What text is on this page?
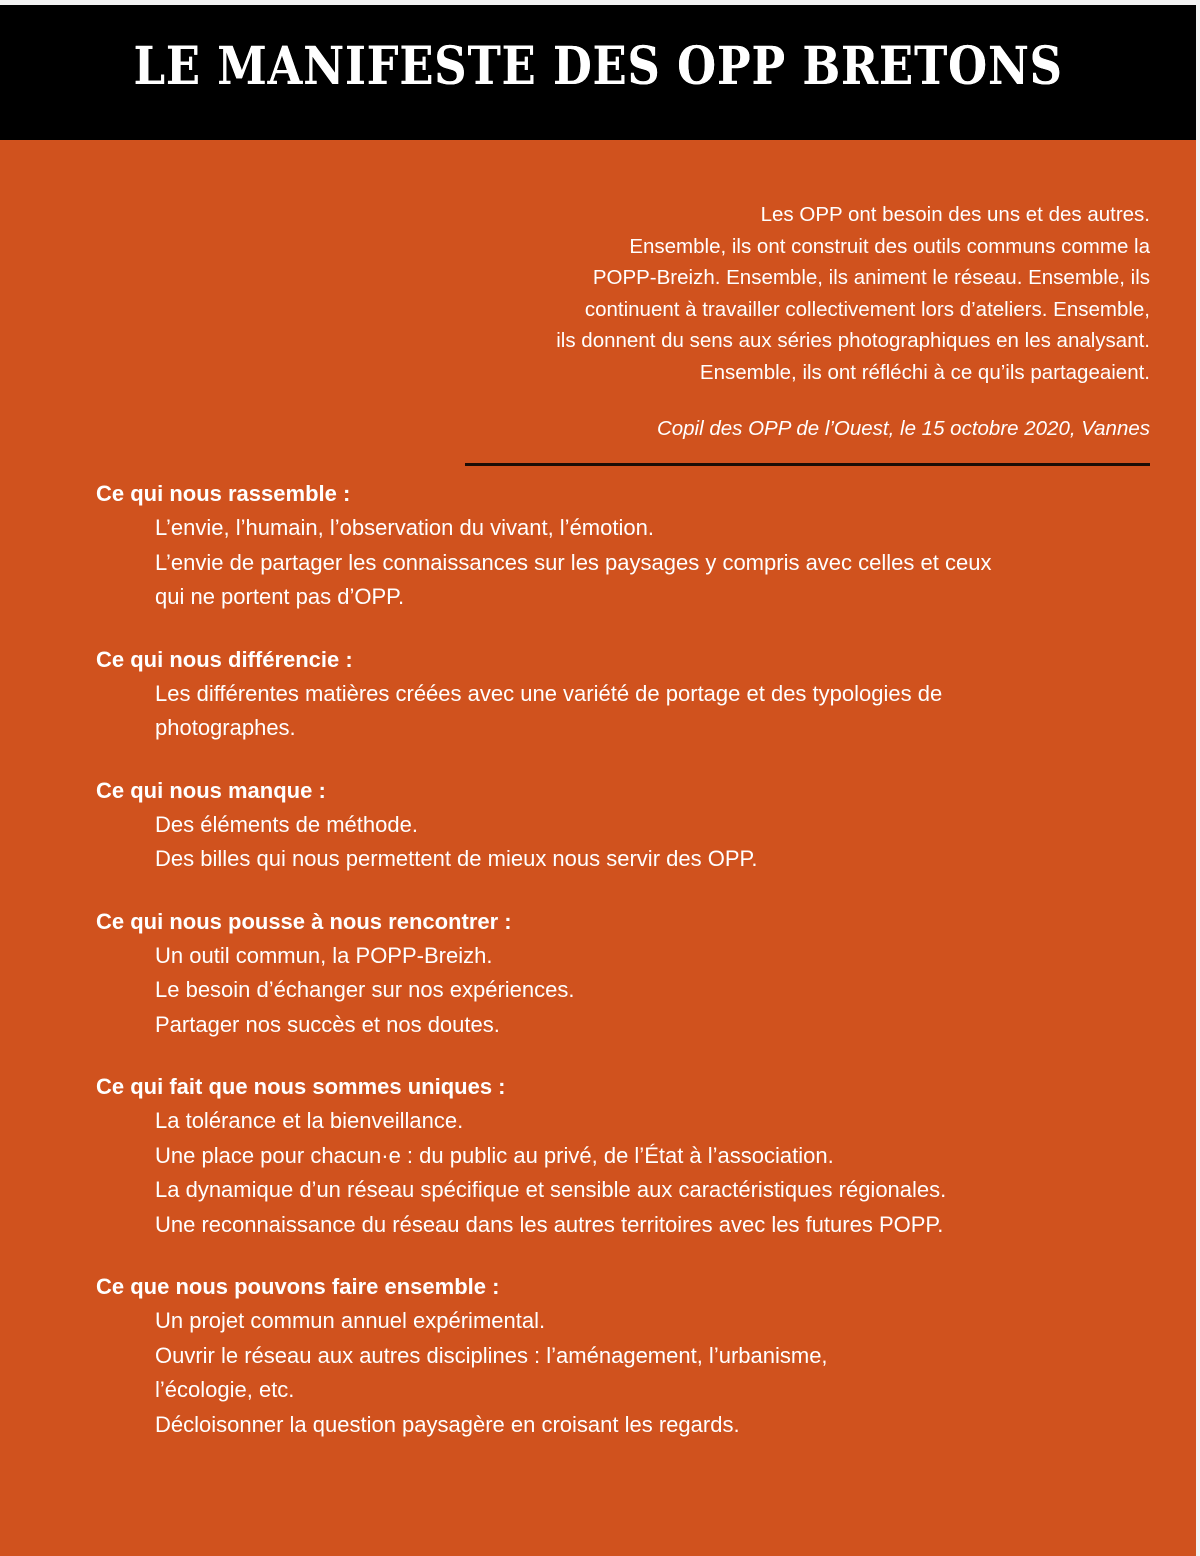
LE MANIFESTE DES OPP BRETONS

Les OPP ont besoin des uns et des autres.

Ensemble, ils ont construit des outils communs comme la

POPP-Breizh. Ensemble, ils animent le réseau. Ensemble, ils

continuent à travailler collectivement lors d’ateliers. Ensemble,

ils donnent du sens aux séries photographiques en les analysant.

Ensemble, ils ont réfléchi à ce qu’ils partageaient.

Copil des OPP de l’Ouest, le 15 octobre 2020, Vannes

Ce qui nous rassemble :

L’envie, l’humain, l’observation du vivant, l’émotion.

L’envie de partager les connaissances sur les paysages y compris avec celles et ceux

qui ne portent pas d’OPP.

Ce qui nous différencie :

Les différentes matières créées avec une variété de portage et des typologies de

photographes.

Ce qui nous manque :

Des éléments de méthode.

Des billes qui nous permettent de mieux nous servir des OPP.

Ce qui nous pousse à nous rencontrer :

Un outil commun, la POPP-Breizh.

Le besoin d’échanger sur nos expériences.

Partager nos succès et nos doutes.

Ce qui fait que nous sommes uniques :

La tolérance et la bienveillance.

Une place pour chacun·e : du public au privé, de l’État à l’association.

La dynamique d’un réseau spécifique et sensible aux caractéristiques régionales.

Une reconnaissance du réseau dans les autres territoires avec les futures POPP.

Ce que nous pouvons faire ensemble :

Un projet commun annuel expérimental.

Ouvrir le réseau aux autres disciplines : l’aménagement, l’urbanisme,

l’écologie, etc.

Décloisonner la question paysagère en croisant les regards.
